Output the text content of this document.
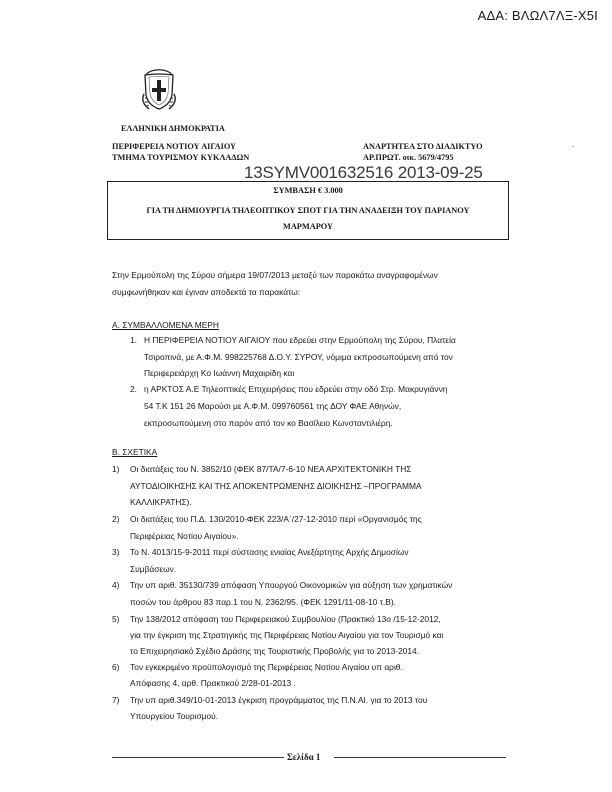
ΑΔΑ: ΒΛΩΛ7ΛΞ-Χ5Ι
ΕΛΛΗΝΙΚΗ ΔΗΜΟΚΡΑΤΙΑ
ΠΕΡΙΦΕΡΕΙΑ ΝΟΤΙΟΥ ΑΙΓΑΙΟΥ
ΤΜΗΜΑ ΤΟΥΡΙΣΜΟΥ ΚΥΚΛΑΔΩΝ
ΑΝΑΡΤΗΤΕΑ ΣΤΟ ΔΙΑΔΙΚΤΥΟ
ΑΡ.ΠΡΩΤ. οικ. 5679/4795
.
13SYMV001632516 2013-09-25
ΣΥΜΒΑΣΗ € 3.000
ΓΙΑ ΤΗ ΔΗΜΙΟΥΡΓΙΑ ΤΗΛΕΟΠΤΙΚΟΥ ΣΠΟΤ ΓΙΑ ΤΗΝ ΑΝΑΔΕΙΞΗ ΤΟΥ ΠΑΡΙΑΝΟΥ
ΜΑΡΜΑΡΟΥ
Στην Ερμούπολη της Σύρου σήμερα 19/07/2013 μεταξύ των παρακάτω αναγραφομένων
συμφωνήθηκαν και έγιναν αποδεκτά τα παρακάτω:
Α. ΣΥΜΒΑΛΛΟΜΕΝΑ ΜΕΡΗ
1. Η ΠΕΡΙΦΕΡΕΙΑ ΝΟΤΙΟΥ ΑΙΓΑΙΟΥ που εδρεύει στην Ερμούπολη της Σύρου, Πλατεία
Τσιροπινά, με Α.Φ.Μ. 998225768 Δ.Ο.Υ. ΣΥΡΟΥ, νόμιμα εκπροσωπούμενη από τον
Περιφερειάρχη Κο Ιωάννη Μαχαιρίδη και
2. η ΑΡΚΤΟΣ Α.Ε Τηλεοπτικές Επιχειρήσεις που εδρεύει στην οδό Στρ. Μακρυγιάννη
54 Τ.Κ 151 26 Μαρούσι με Α.Φ.Μ. 099760561 της ΔΟΥ ΦΑΕ Αθηνών,
εκπροσωπούμενη στο παρόν από τον κο Βασίλειο Κωνσταντιλιέρη.
Β. ΣΧΕΤΙΚΑ
1) Οι διατάξεις του Ν. 3852/10 (ΦΕΚ 87/ΤΑ/7-6-10 ΝΕΑ ΑΡΧΙΤΕΚΤΟΝΙΚΗ ΤΗΣ
ΑΥΤΟΔΙΟΙΚΗΣΗΣ ΚΑΙ ΤΗΣ ΑΠΟΚΕΝΤΡΩΜΕΝΗΣ ΔΙΟΙΚΗΣΗΣ –ΠΡΟΓΡΑΜΜΑ
ΚΑΛΛΙΚΡΑΤΗΣ).
2) Οι διατάξεις του Π.Δ. 130/2010-ΦΕΚ 223/Α΄/27-12-2010 περί «Οργανισμός της
Περιφέρειας Νοτίου Αιγαίου».
3) Το Ν. 4013/15-9-2011 περί σύστασης ενιαίας Ανεξάρτητης Αρχής Δημοσίων
Συμβάσεων.
4) Την υπ αριθ. 35130/739 απόφαση Υπουργού Οικονομικών για αύξηση των χρηματικών
ποσών του άρθρου 83 παρ.1 του Ν. 2362/95. (ΦΕΚ 1291/11-08-10 τ.Β).
5) Την 138/2012 απόφαση του Περιφερειακού Συμβουλίου (Πρακτικό 13ο /15-12-2012,
για την έγκριση της Στρατηγικής της Περιφέρειας Νοτίου Αιγαίου για τον Τουρισμό και
το Επιχειρησιακό Σχέδιο Δράσης της Τουριστικής Προβολής για το 2013-2014.
6) Τον εγκεκριμένο προϋπολογισμό της Περιφέρειας Νοτίου Αιγαίου υπ αριθ.
Απόφασης 4, αρθ. Πρακτικού 2/28-01-2013 .
7) Την υπ αριθ.349/10-01-2013 έγκριση προγράμματος της Π.Ν.ΑΙ. για το 2013 του
Υπουργείου Τουρισμού.
Σελίδα 1
